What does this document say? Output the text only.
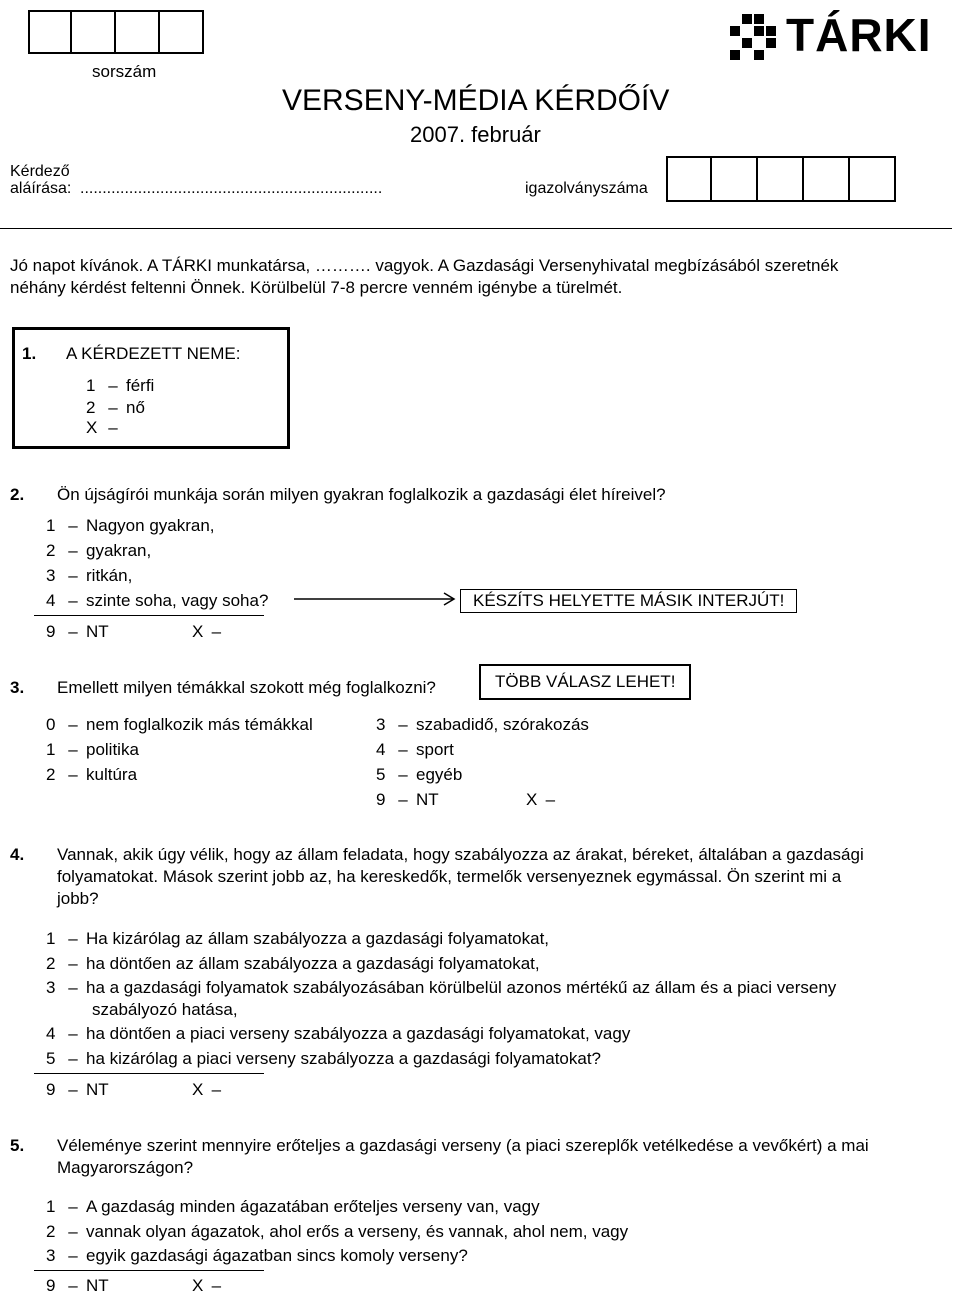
sorszám
TÁRKI
VERSENY-MÉDIA KÉRDŐÍV
2007. február
Kérdező
aláírása: ....................................................................	igazolványszáma
Jó napot kívánok. A TÁRKI munkatársa, ………. vagyok. A Gazdasági Versenyhivatal megbízásából szeretnék
néhány kérdést feltenni Önnek. Körülbelül 7-8 percre venném igénybe a türelmét.
1. A KÉRDEZETT NEME:
1 – férfi
2 – nő
X –
2. Ön újságírói munkája során milyen gyakran foglalkozik a gazdasági élet híreivel?
1 – Nagyon gyakran,
2 – gyakran,
3 – ritkán,
4 – szinte soha, vagy soha?	KÉSZÍTS HELYETTE MÁSIK INTERJÚT!
9 – NT	X –
3. Emellett milyen témákkal szokott még foglalkozni?	TÖBB VÁLASZ LEHET!
0 – nem foglalkozik más témákkal
1 – politika
2 – kultúra
3 – szabadidő, szórakozás
4 – sport
5 – egyéb
9 – NT	X –
4. Vannak, akik úgy vélik, hogy az állam feladata, hogy szabályozza az árakat, béreket, általában a gazdasági
folyamatokat. Mások szerint jobb az, ha kereskedők, termelők versenyeznek egymással. Ön szerint mi a
jobb?
1 – Ha kizárólag az állam szabályozza a gazdasági folyamatokat,
2 – ha döntően az állam szabályozza a gazdasági folyamatokat,
3 – ha a gazdasági folyamatok szabályozásában körülbelül azonos mértékű az állam és a piaci verseny
szabályozó hatása,
4 – ha döntően a piaci verseny szabályozza a gazdasági folyamatokat, vagy
5 – ha kizárólag a piaci verseny szabályozza a gazdasági folyamatokat?
9 – NT	X –
5. Véleménye szerint mennyire erőteljes a gazdasági verseny (a piaci szereplők vetélkedése a vevőkért) a mai
Magyarországon?
1 – A gazdaság minden ágazatában erőteljes verseny van, vagy
2 – vannak olyan ágazatok, ahol erős a verseny, és vannak, ahol nem, vagy
3 – egyik gazdasági ágazatban sincs komoly verseny?
9 – NT	X –
